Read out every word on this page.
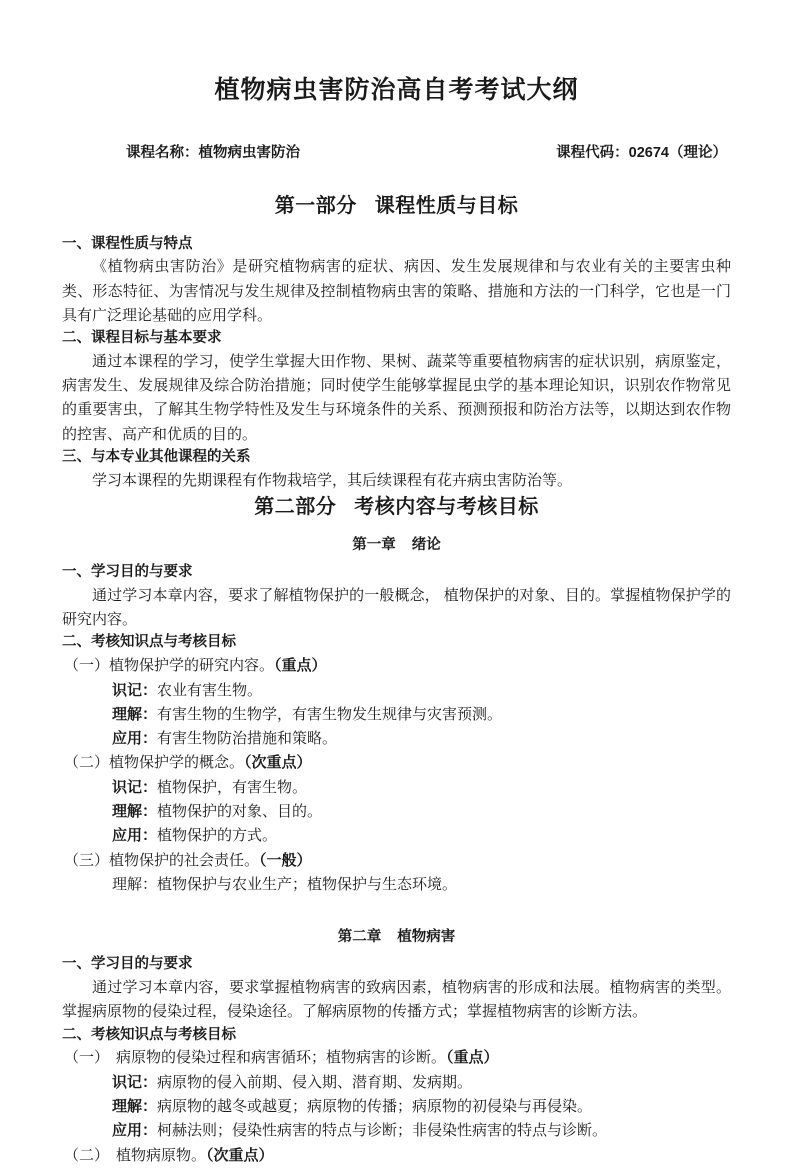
植物病虫害防治高自考考试大纲
课程名称：植物病虫害防治	课程代码：02674（理论）
第一部分 课程性质与目标
一、课程性质与特点

《植物病虫害防治》是研究植物病害的症状、病因、发生发展规律和与农业有关的主要害虫种类、形态特征、为害情况与发生规律及控制植物病虫害的策略、措施和方法的一门科学，它也是一门具有广泛理论基础的应用学科。

二、课程目标与基本要求

通过本课程的学习，使学生掌握大田作物、果树、蔬菜等重要植物病害的症状识别，病原鉴定，病害发生、发展规律及综合防治措施；同时使学生能够掌握昆虫学的基本理论知识，识别农作物常见的重要害虫，了解其生物学特性及发生与环境条件的关系、预测预报和防治方法等，以期达到农作物的控害、高产和优质的目的。

三、与本专业其他课程的关系

学习本课程的先期课程有作物栽培学，其后续课程有花卉病虫害防治等。

第二部分 考核内容与考核目标
第一章 绪论
一、学习目的与要求

通过学习本章内容，要求了解植物保护的一般概念， 植物保护的对象、目的。掌握植物保护学的研究内容。

二、考核知识点与考核目标
（一）植物保护学的研究内容。（重点）
识记：农业有害生物。
理解：有害生物的生物学，有害生物发生规律与灾害预测。
应用：有害生物防治措施和策略。
（二）植物保护学的概念。（次重点）
识记：植物保护，有害生物。
理解：植物保护的对象、目的。
应用：植物保护的方式。
（三）植物保护的社会责任。（一般）
理解：植物保护与农业生产；植物保护与生态环境。
第二章 植物病害
一、学习目的与要求

通过学习本章内容，要求掌握植物病害的致病因素，植物病害的形成和法展。植物病害的类型。掌握病原物的侵染过程，侵染途径。了解病原物的传播方式；掌握植物病害的诊断方法。

二、考核知识点与考核目标
（一） 病原物的侵染过程和病害循环；植物病害的诊断。（重点）
识记：病原物的侵入前期、侵入期、潜育期、发病期。
理解：病原物的越冬或越夏；病原物的传播；病原物的初侵染与再侵染。
应用：柯赫法则；侵染性病害的特点与诊断；非侵染性病害的特点与诊断。
（二） 植物病原物。（次重点）
